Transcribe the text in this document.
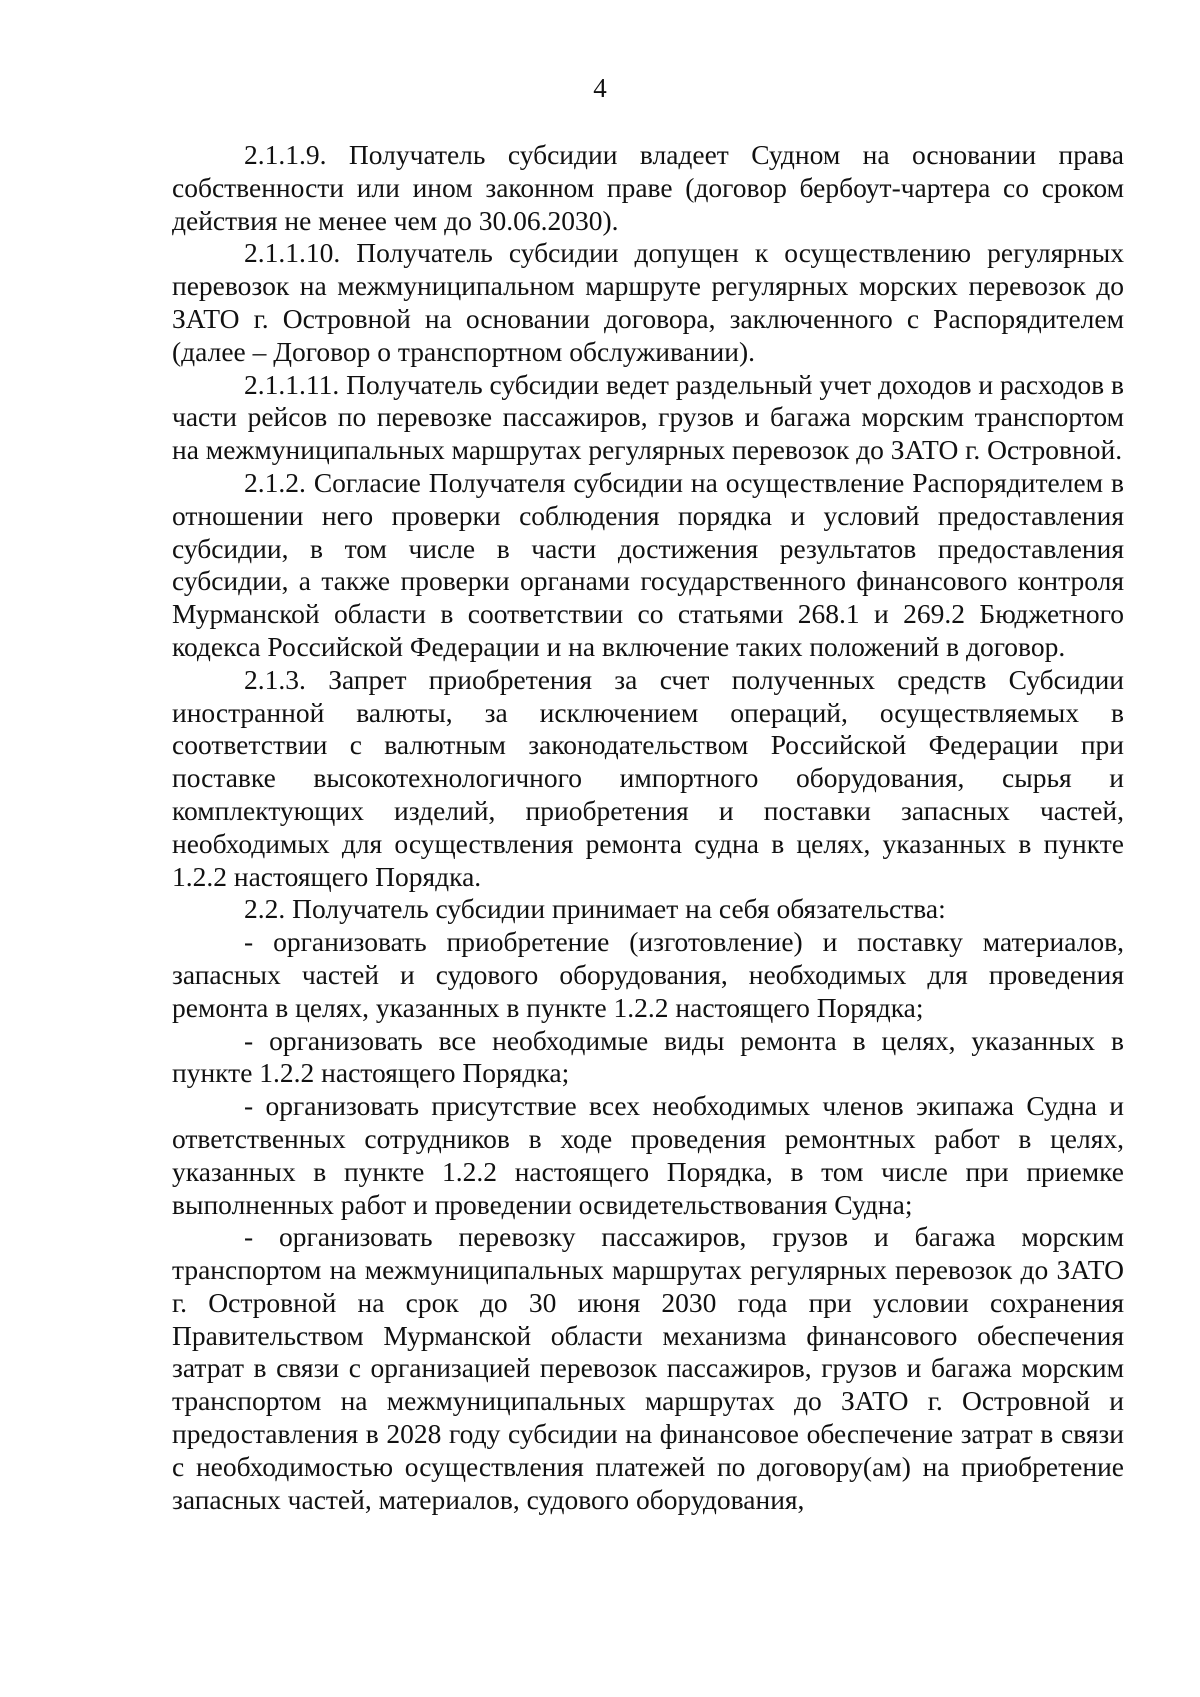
4

2.1.1.9. Получатель субсидии владеет Судном на основании права собственности или ином законном праве (договор бербоут-чартера со сроком действия не менее чем до 30.06.2030).

2.1.1.10. Получатель субсидии допущен к осуществлению регулярных перевозок на межмуниципальном маршруте регулярных морских перевозок до ЗАТО г. Островной на основании договора, заключенного с Распорядителем (далее – Договор о транспортном обслуживании).

2.1.1.11. Получатель субсидии ведет раздельный учет доходов и расходов в части рейсов по перевозке пассажиров, грузов и багажа морским транспортом на межмуниципальных маршрутах регулярных перевозок до ЗАТО г. Островной.

2.1.2. Согласие Получателя субсидии на осуществление Распорядителем в отношении него проверки соблюдения порядка и условий предоставления субсидии, в том числе в части достижения результатов предоставления субсидии, а также проверки органами государственного финансового контроля Мурманской области в соответствии со статьями 268.1 и 269.2 Бюджетного кодекса Российской Федерации и на включение таких положений в договор.

2.1.3. Запрет приобретения за счет полученных средств Субсидии иностранной валюты, за исключением операций, осуществляемых в соответствии с валютным законодательством Российской Федерации при поставке высокотехнологичного импортного оборудования, сырья и комплектующих изделий, приобретения и поставки запасных частей, необходимых для осуществления ремонта судна в целях, указанных в пункте 1.2.2 настоящего Порядка.

2.2. Получатель субсидии принимает на себя обязательства:

- организовать приобретение (изготовление) и поставку материалов, запасных частей и судового оборудования, необходимых для проведения ремонта в целях, указанных в пункте 1.2.2 настоящего Порядка;

- организовать все необходимые виды ремонта в целях, указанных в пункте 1.2.2 настоящего Порядка;

- организовать присутствие всех необходимых членов экипажа Судна и ответственных сотрудников в ходе проведения ремонтных работ в целях, указанных в пункте 1.2.2 настоящего Порядка, в том числе при приемке выполненных работ и проведении освидетельствования Судна;

- организовать перевозку пассажиров, грузов и багажа морским транспортом на межмуниципальных маршрутах регулярных перевозок до ЗАТО г. Островной на срок до 30 июня 2030 года при условии сохранения Правительством Мурманской области механизма финансового обеспечения затрат в связи с организацией перевозок пассажиров, грузов и багажа морским транспортом на межмуниципальных маршрутах до ЗАТО г. Островной и предоставления в 2028 году субсидии на финансовое обеспечение затрат в связи с необходимостью осуществления платежей по договору(ам) на приобретение запасных частей, материалов, судового оборудования,
